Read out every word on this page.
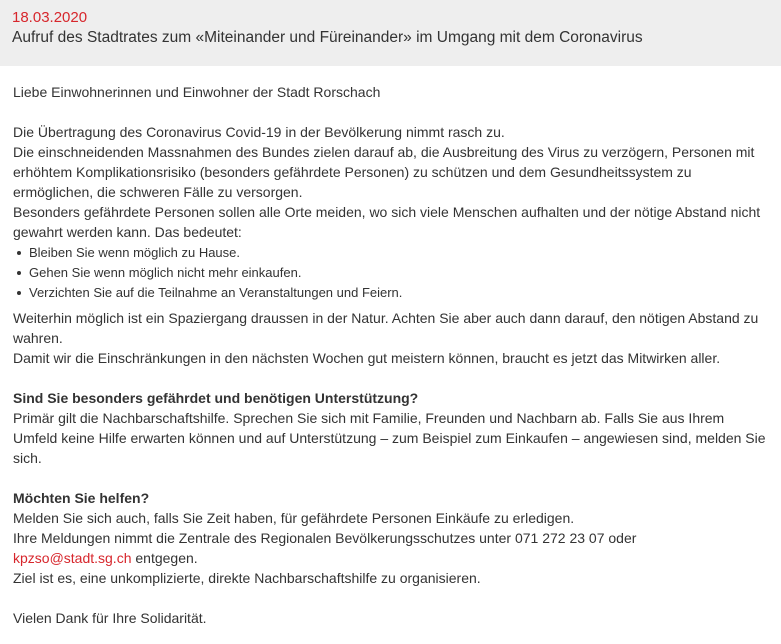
18.03.2020
Aufruf des Stadtrates zum «Miteinander und Füreinander» im Umgang mit dem Coronavirus

Liebe Einwohnerinnen und Einwohner der Stadt Rorschach

Die Übertragung des Coronavirus Covid-19 in der Bevölkerung nimmt rasch zu.

Die einschneidenden Massnahmen des Bundes zielen darauf ab, die Ausbreitung des Virus zu verzögern, Personen mit erhöhtem Komplikationsrisiko (besonders gefährdete Personen) zu schützen und dem Gesundheitssystem zu ermöglichen, die schweren Fälle zu versorgen.

Besonders gefährdete Personen sollen alle Orte meiden, wo sich viele Menschen aufhalten und der nötige Abstand nicht gewahrt werden kann. Das bedeutet:

Bleiben Sie wenn möglich zu Hause.
Gehen Sie wenn möglich nicht mehr einkaufen.
Verzichten Sie auf die Teilnahme an Veranstaltungen und Feiern.

Weiterhin möglich ist ein Spaziergang draussen in der Natur. Achten Sie aber auch dann darauf, den nötigen Abstand zu wahren.

Damit wir die Einschränkungen in den nächsten Wochen gut meistern können, braucht es jetzt das Mitwirken aller.

Sind Sie besonders gefährdet und benötigen Unterstützung?

Primär gilt die Nachbarschaftshilfe. Sprechen Sie sich mit Familie, Freunden und Nachbarn ab. Falls Sie aus Ihrem Umfeld keine Hilfe erwarten können und auf Unterstützung – zum Beispiel zum Einkaufen – angewiesen sind, melden Sie sich.

Möchten Sie helfen?

Melden Sie sich auch, falls Sie Zeit haben, für gefährdete Personen Einkäufe zu erledigen.

Ihre Meldungen nimmt die Zentrale des Regionalen Bevölkerungsschutzes unter 071 272 23 07 oder

kpzso@stadt.sg.ch entgegen.

Ziel ist es, eine unkomplizierte, direkte Nachbarschaftshilfe zu organisieren.

Vielen Dank für Ihre Solidarität.
